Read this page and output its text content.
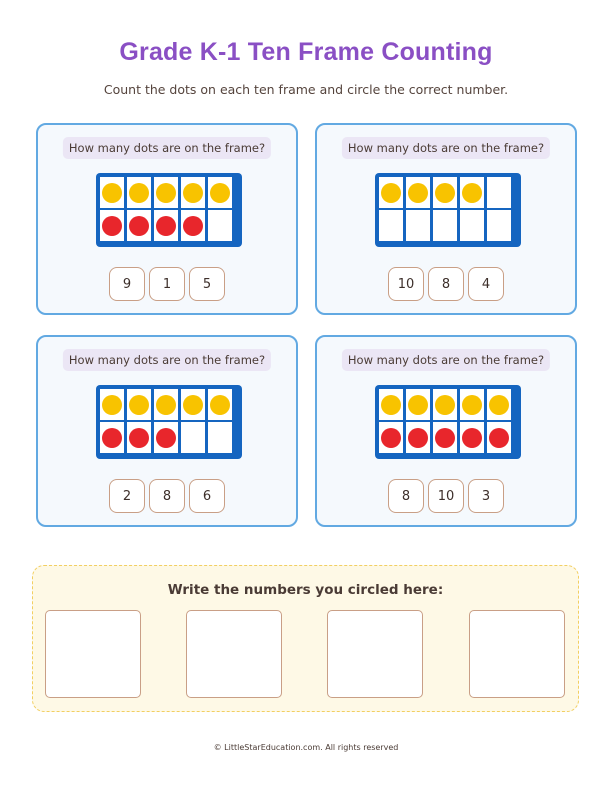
Grade K-1 Ten Frame Counting
Count the dots on each ten frame and circle the correct number.
How many dots are on the frame?
9	1	5
How many dots are on the frame?
10	8	4
How many dots are on the frame?
2	8	6
How many dots are on the frame?
8	10	3
Write the numbers you circled here:
© LittleStarEducation.com. All rights reserved
